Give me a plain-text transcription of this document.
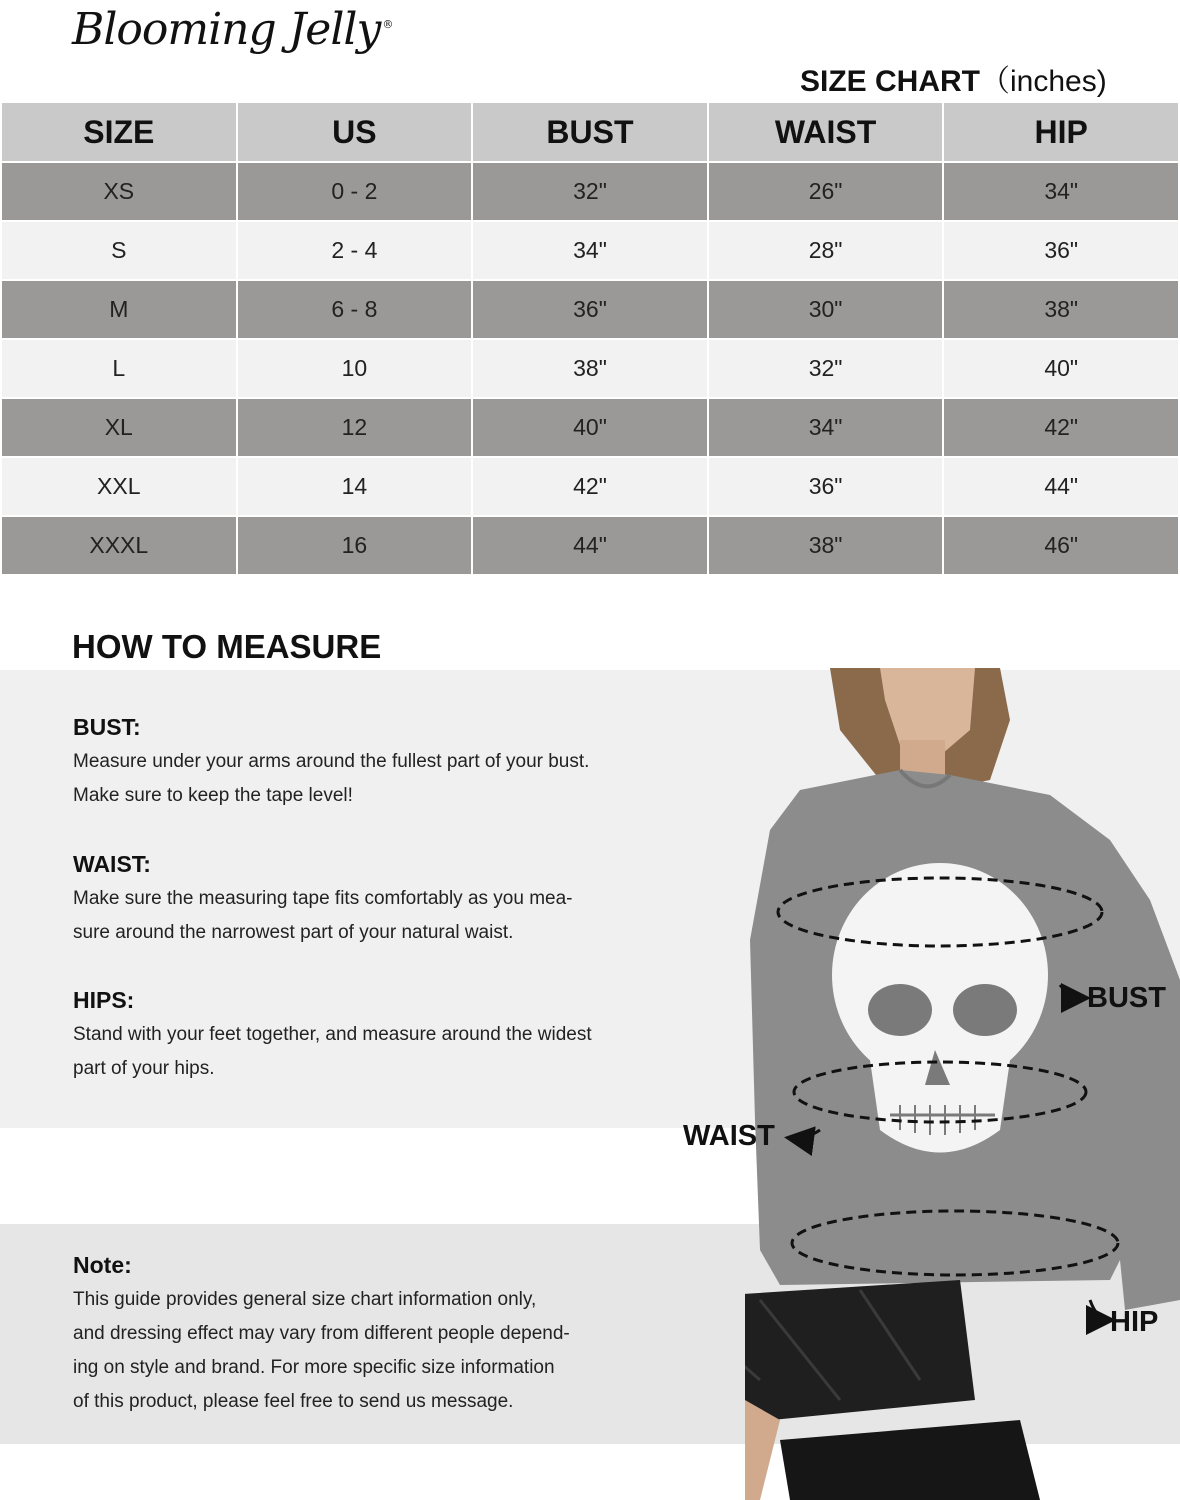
Blooming Jelly ®
SIZE CHART（inches)
SIZE	US	BUST	WAIST	HIP
XS	0 - 2	32"	26"	34"
S	2 - 4	34"	28"	36"
M	6 - 8	36"	30"	38"
L	10	38"	32"	40"
XL	12	40"	34"	42"
XXL	14	42"	36"	44"
XXXL	16	44"	38"	46"
HOW TO MEASURE
BUST:
Measure under your arms around the fullest part of your bust.
Make sure to keep the tape level!
WAIST:
Make sure the measuring tape fits comfortably as you mea-
sure around the narrowest part of your natural waist.
HIPS:
Stand with your feet together, and measure around the widest
part of your hips.
Note:
This guide provides general size chart information only,
and dressing effect may vary from different people depend-
ing on style and brand. For more specific size information
of this product, please feel free to send us message.
BUST
WAIST
HIP
